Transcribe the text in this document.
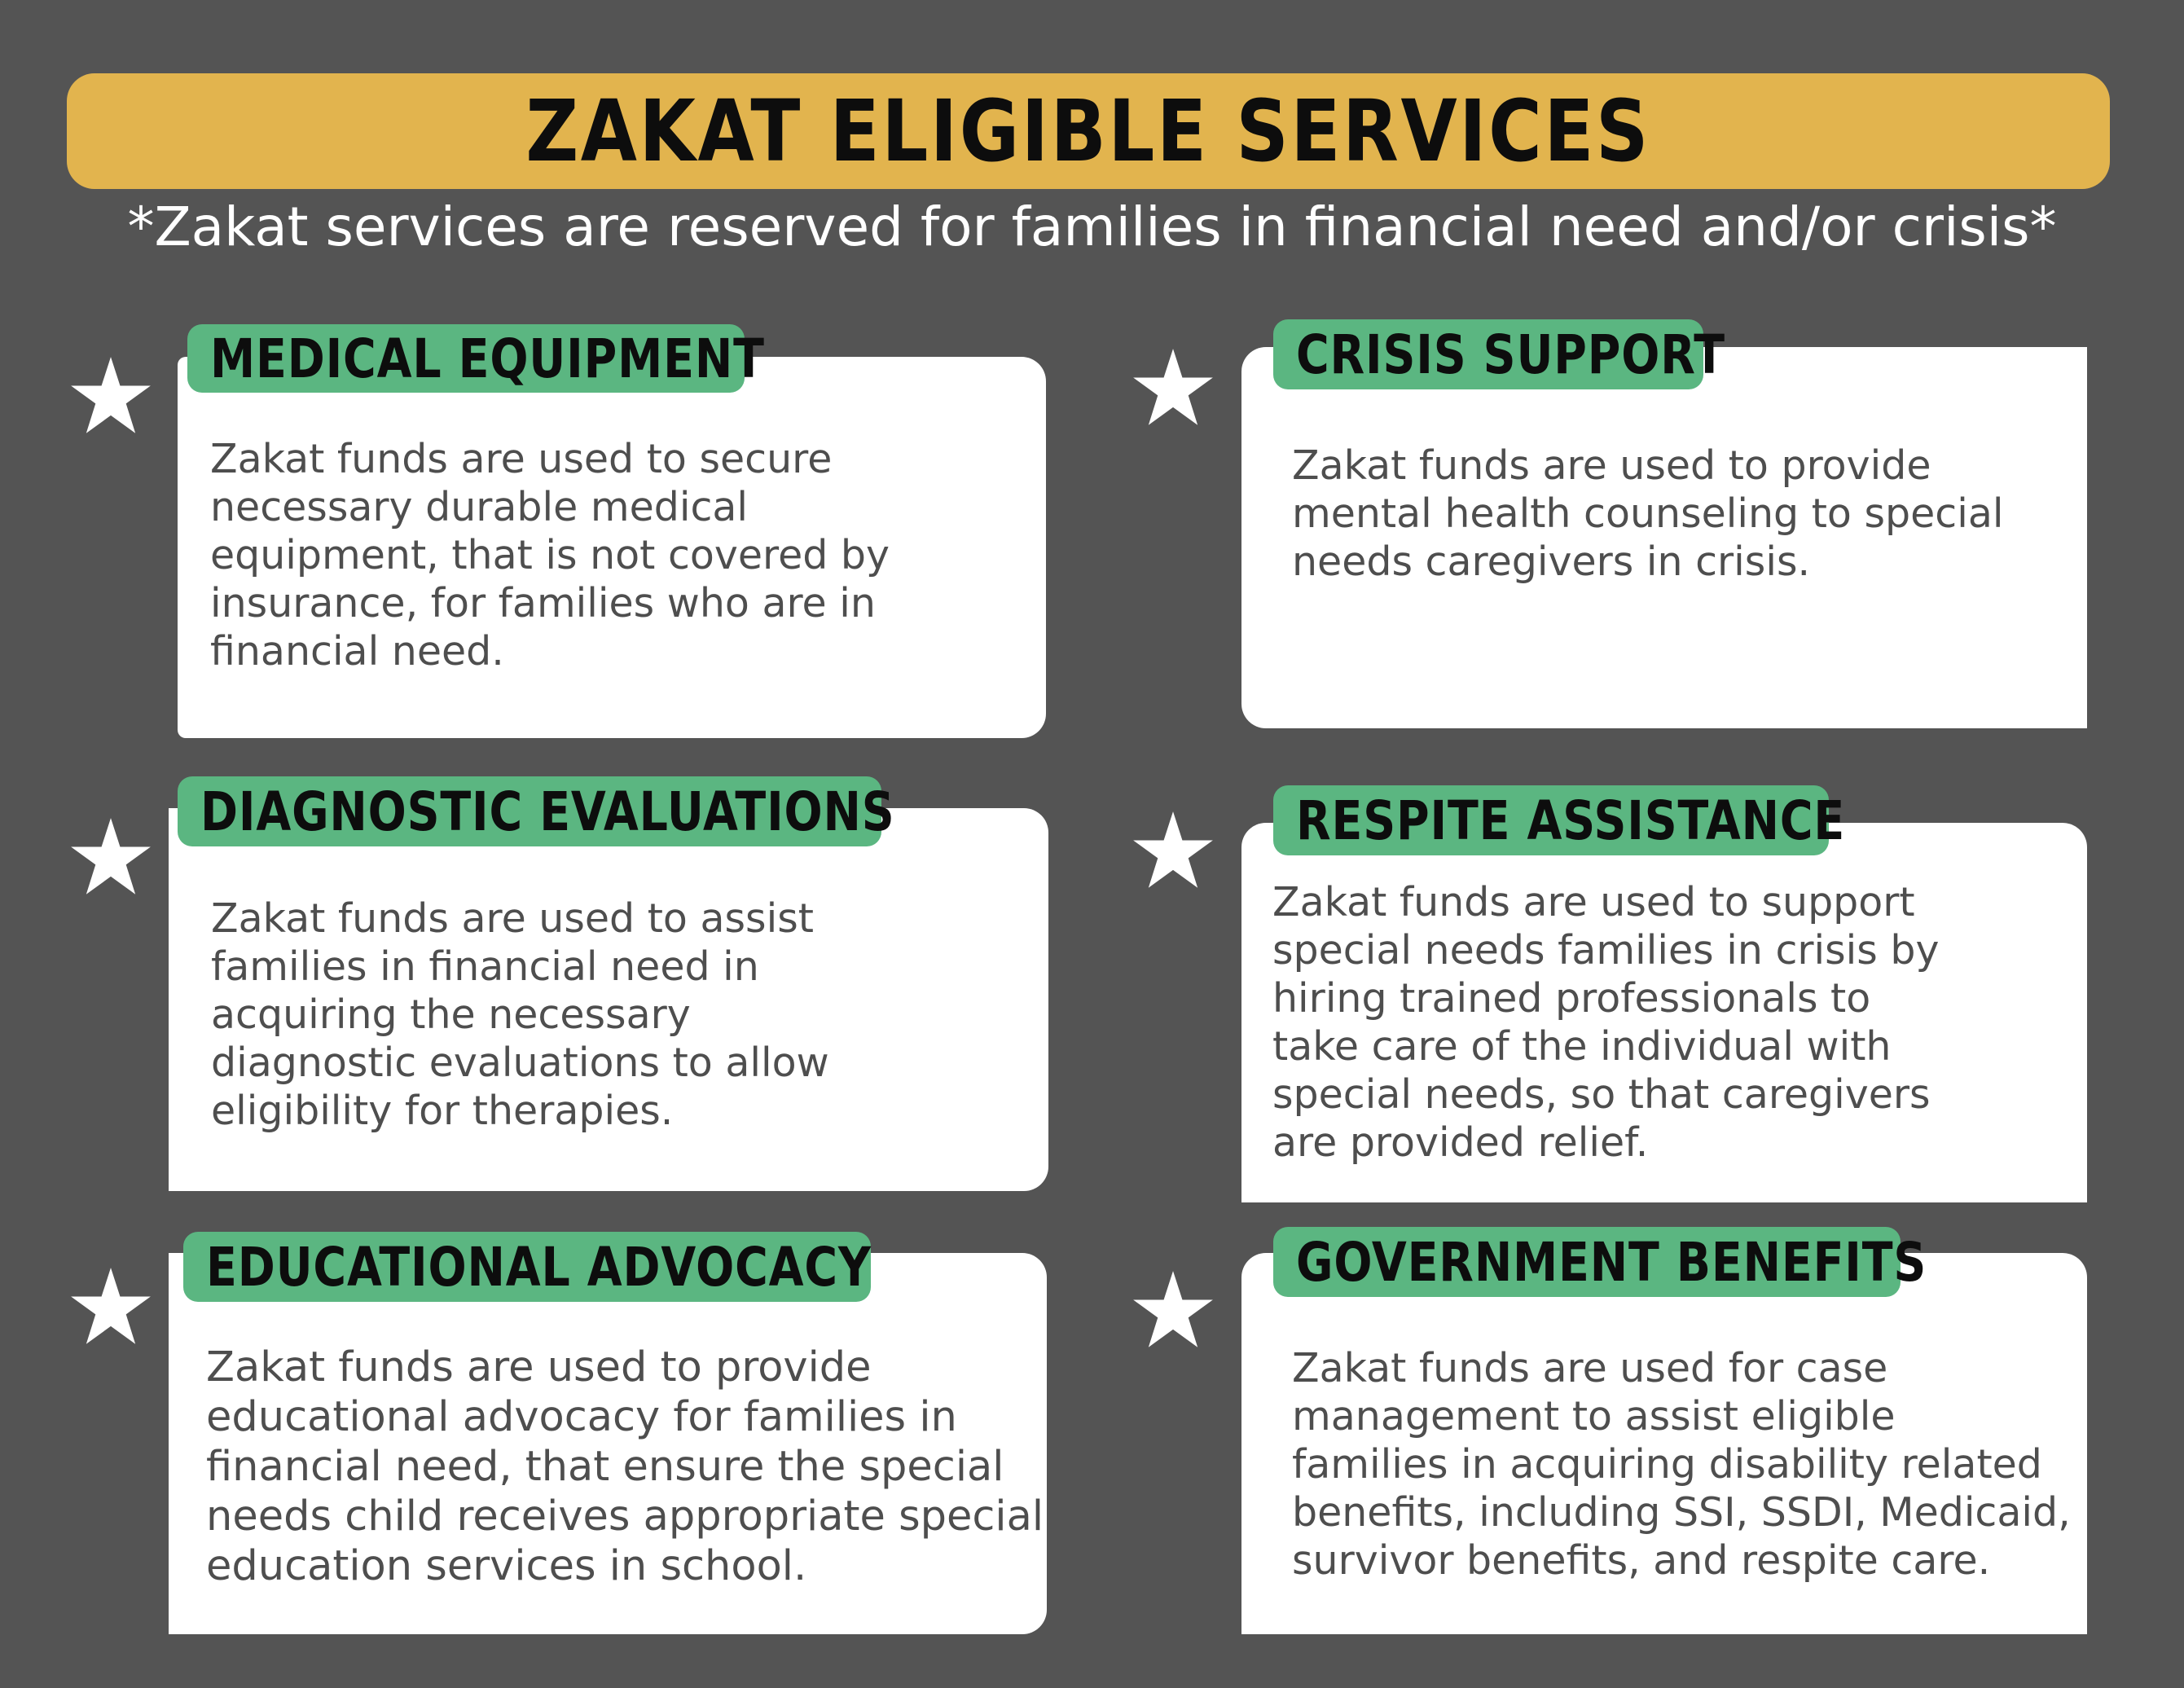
ZAKAT ELIGIBLE SERVICES
*Zakat services are reserved for families in financial need and/or crisis*
Zakat funds are used to secure
necessary durable medical
equipment, that is not covered by
insurance, for families who are in
financial need.
MEDICAL EQUIPMENT
Zakat funds are used to provide
mental health counseling to special
needs caregivers in crisis.
CRISIS SUPPORT
Zakat funds are used to assist
families in financial need in
acquiring the necessary
diagnostic evaluations to allow
eligibility for therapies.
DIAGNOSTIC EVALUATIONS
Zakat funds are used to support
special needs families in crisis by
hiring trained professionals to
take care of the individual with
special needs, so that caregivers
are provided relief.
RESPITE ASSISTANCE
Zakat funds are used to provide
educational advocacy for families in
financial need, that ensure the special
needs child receives appropriate special
education services in school.
EDUCATIONAL ADVOCACY
Zakat funds are used for case
management to assist eligible
families in acquiring disability related
benefits, including SSI, SSDI, Medicaid,
survivor benefits, and respite care.
GOVERNMENT BENEFITS
